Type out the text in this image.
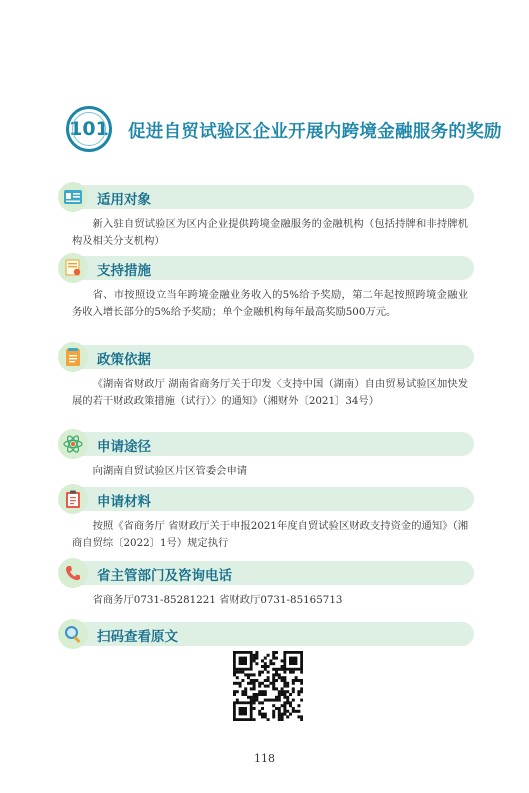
101 促进自贸试验区企业开展内跨境金融服务的奖励
适用对象
新入驻自贸试验区为区内企业提供跨境金融服务的金融机构（包括持牌和非持牌机构及相关分支机构）
支持措施
省、市按照设立当年跨境金融业务收入的5%给予奖励，第二年起按照跨境金融业务收入增长部分的5%给予奖励；单个金融机构每年最高奖励500万元。
政策依据
《湖南省财政厅 湖南省商务厅关于印发〈支持中国（湖南）自由贸易试验区加快发展的若干财政政策措施（试行）〉的通知》（湘财外〔2021〕34号）
申请途径
向湖南自贸试验区片区管委会申请
申请材料
按照《省商务厅 省财政厅关于申报2021年度自贸试验区财政支持资金的通知》（湘商自贸综〔2022〕1号）规定执行
省主管部门及咨询电话
省商务厅0731-85281221 省财政厅0731-85165713
扫码查看原文
118
